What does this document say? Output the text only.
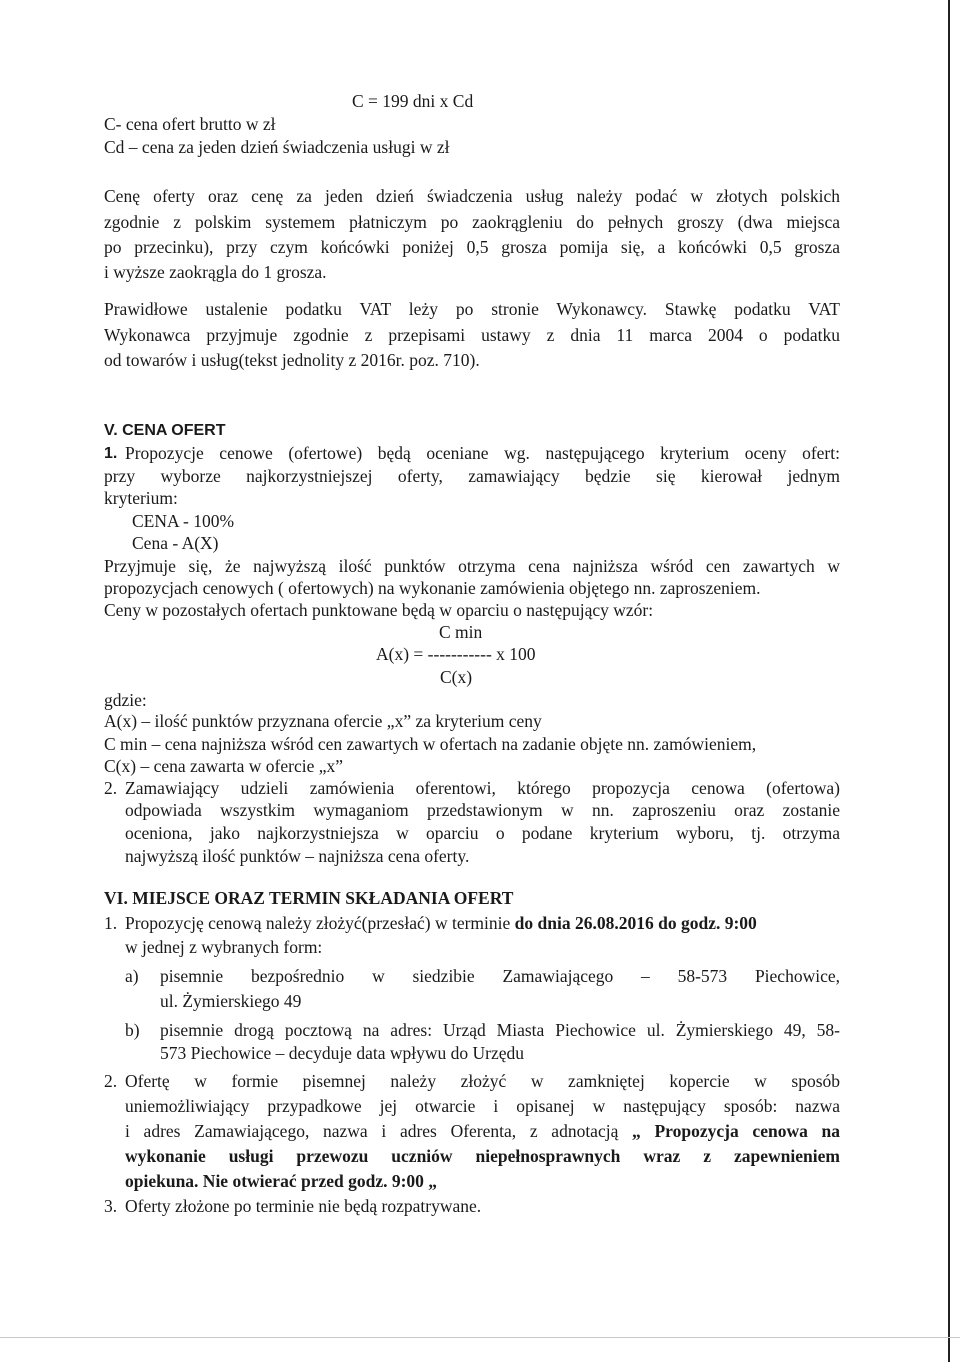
C = 199 dni x Cd
C- cena ofert brutto w zł
Cd – cena za jeden dzień świadczenia usługi w zł
Cenę oferty oraz cenę za jeden dzień świadczenia usług należy podać w złotych polskich
zgodnie z polskim systemem płatniczym po zaokrągleniu do pełnych groszy (dwa miejsca
po przecinku), przy czym końcówki poniżej 0,5 grosza pomija się, a końcówki 0,5 grosza
i wyższe zaokrągla do 1 grosza.
Prawidłowe ustalenie podatku VAT leży po stronie Wykonawcy. Stawkę podatku VAT
Wykonawca przyjmuje zgodnie z przepisami ustawy z dnia 11 marca 2004 o podatku
od towarów i usług(tekst jednolity z 2016r. poz. 710).
V. CENA OFERT
1. Propozycje cenowe (ofertowe) będą oceniane wg. następującego kryterium oceny ofert:
przy wyborze najkorzystniejszej oferty, zamawiający będzie się kierował jednym
kryterium:
CENA - 100%
Cena - A(X)
Przyjmuje się, że najwyższą ilość punktów otrzyma cena najniższa wśród cen zawartych w
propozycjach cenowych ( ofertowych) na wykonanie zamówienia objętego nn. zaproszeniem.
Ceny w pozostałych ofertach punktowane będą w oparciu o następujący wzór:
C min
A(x) = ----------- x 100
C(x)
gdzie:
A(x) – ilość punktów przyznana ofercie „x” za kryterium ceny
C min – cena najniższa wśród cen zawartych w ofertach na zadanie objęte nn. zamówieniem,
C(x) – cena zawarta w ofercie „x”
2. Zamawiający udzieli zamówienia oferentowi, którego propozycja cenowa (ofertowa)
odpowiada wszystkim wymaganiom przedstawionym w nn. zaproszeniu oraz zostanie
oceniona, jako najkorzystniejsza w oparciu o podane kryterium wyboru, tj. otrzyma
najwyższą ilość punktów – najniższa cena oferty.
VI. MIEJSCE ORAZ TERMIN SKŁADANIA OFERT
1. Propozycję cenową należy złożyć(przesłać) w terminie do dnia 26.08.2016 do godz. 9:00
w jednej z wybranych form:
a) pisemnie bezpośrednio w siedzibie Zamawiającego – 58-573 Piechowice,
ul. Żymierskiego 49
b) pisemnie drogą pocztową na adres: Urząd Miasta Piechowice ul. Żymierskiego 49, 58-
573 Piechowice – decyduje data wpływu do Urzędu
2. Ofertę w formie pisemnej należy złożyć w zamkniętej kopercie w sposób
uniemożliwiający przypadkowe jej otwarcie i opisanej w następujący sposób: nazwa
i adres Zamawiającego, nazwa i adres Oferenta, z adnotacją „ Propozycja cenowa na
wykonanie usługi przewozu uczniów niepełnosprawnych wraz z zapewnieniem
opiekuna. Nie otwierać przed godz. 9:00 „
3. Oferty złożone po terminie nie będą rozpatrywane.
